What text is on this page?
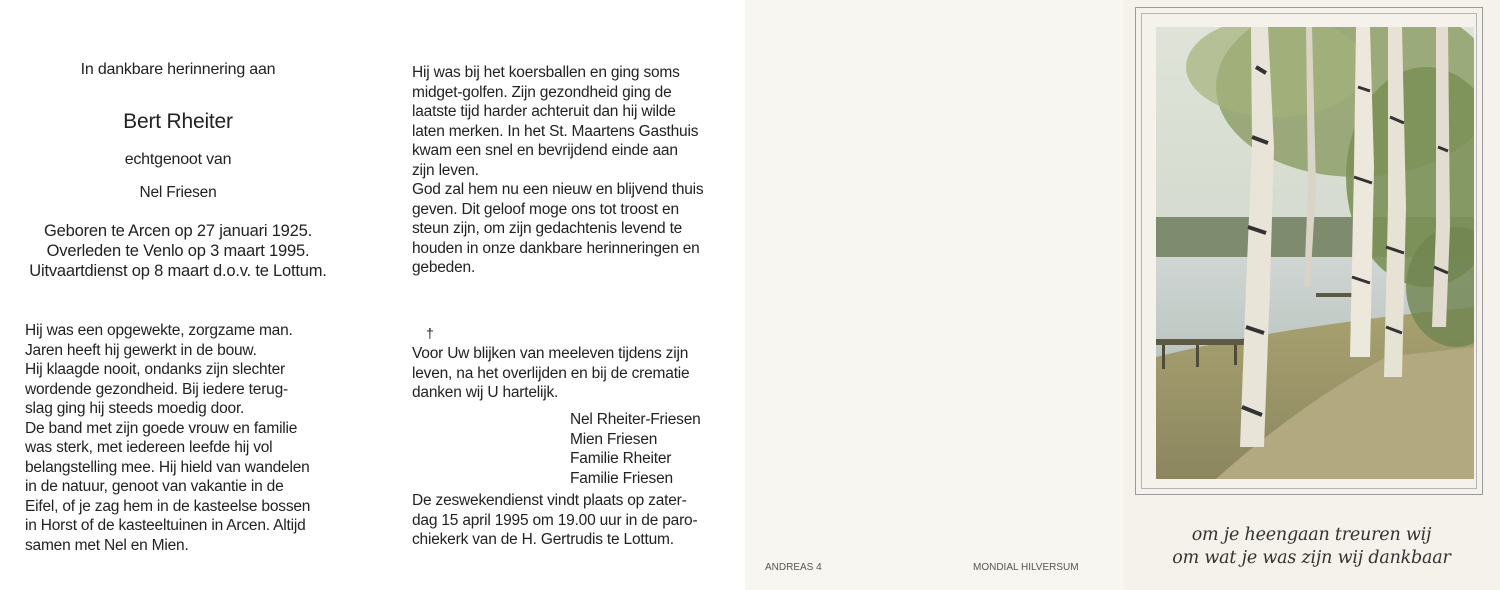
In dankbare herinnering aan
Bert Rheiter
echtgenoot van
Nel Friesen
Geboren te Arcen op 27 januari 1925.
Overleden te Venlo op 3 maart 1995.
Uitvaartdienst op 8 maart d.o.v. te Lottum.
Hij was een opgewekte, zorgzame man.
Jaren heeft hij gewerkt in de bouw.
Hij klaagde nooit, ondanks zijn slechter
wordende gezondheid. Bij iedere terug-
slag ging hij steeds moedig door.
De band met zijn goede vrouw en familie
was sterk, met iedereen leefde hij vol
belangstelling mee. Hij hield van wandelen
in de natuur, genoot van vakantie in de
Eifel, of je zag hem in de kasteelse bossen
in Horst of de kasteeltuinen in Arcen. Altijd
samen met Nel en Mien.
Hij was bij het koersballen en ging soms
midget-golfen. Zijn gezondheid ging de
laatste tijd harder achteruit dan hij wilde
laten merken. In het St. Maartens Gasthuis
kwam een snel en bevrijdend einde aan
zijn leven.
God zal hem nu een nieuw en blijvend thuis
geven. Dit geloof moge ons tot troost en
steun zijn, om zijn gedachtenis levend te
houden in onze dankbare herinneringen en
gebeden.
†
Voor Uw blijken van meeleven tijdens zijn
leven, na het overlijden en bij de crematie
danken wij U hartelijk.
Nel Rheiter-Friesen
Mien Friesen
Familie Rheiter
Familie Friesen
De zeswekendienst vindt plaats op zater-
dag 15 april 1995 om 19.00 uur in de paro-
chiekerk van de H. Gertrudis te Lottum.
ANDREAS 4	MONDIAL HILVERSUM
om je heengaan treuren wij
om wat je was zijn wij dankbaar
